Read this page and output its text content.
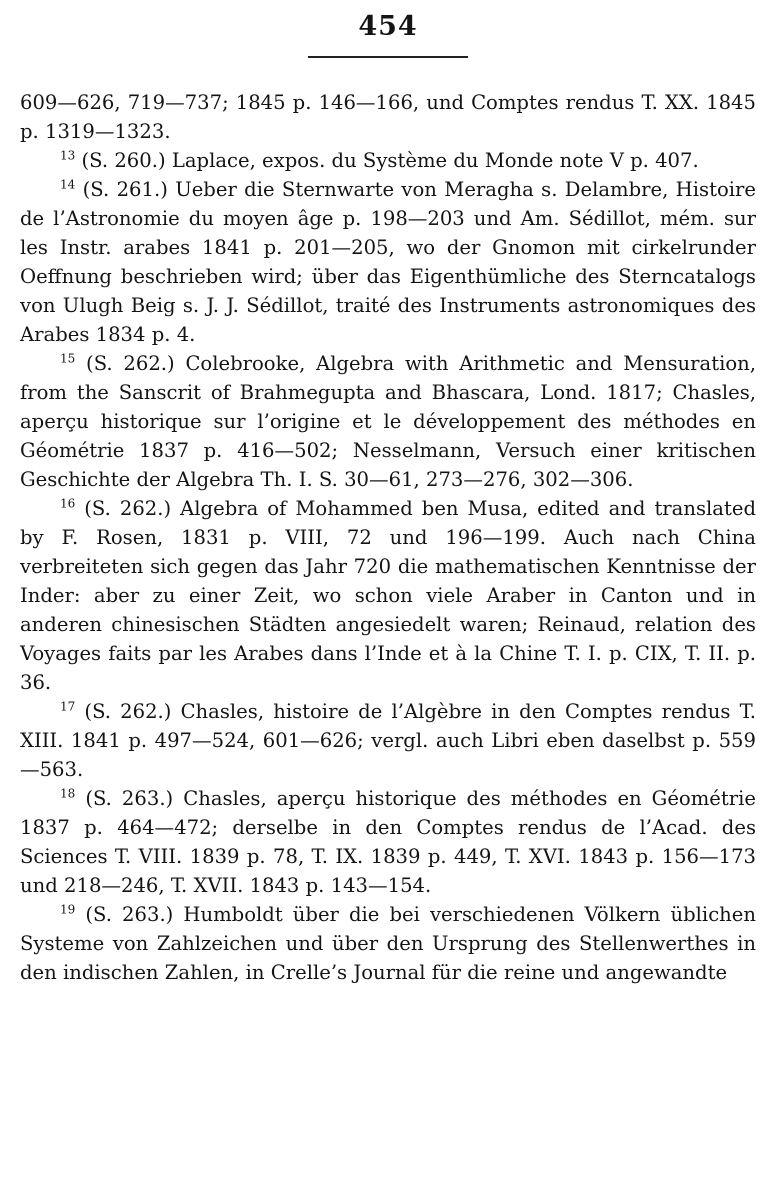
454

609—626, 719—737; 1845 p. 146—166, und Comptes rendus T. XX. 1845 p. 1319—1323.

$^{13}$ (S. 260.) Laplace, expos. du Système du Monde note V p. 407.

$^{14}$ (S. 261.) Ueber die Sternwarte von Meragha s. Delambre, Histoire de l’Astronomie du moyen âge p. 198—203 und Am. Sédillot, mém. sur les Instr. arabes 1841 p. 201—205, wo der Gnomon mit cirkelrunder Oeffnung beschrieben wird; über das Eigenthümliche des Sterncatalogs von Ulugh Beig s. J. J. Sédillot, traité des Instruments astronomiques des Arabes 1834 p. 4.

$^{15}$ (S. 262.) Colebrooke, Algebra with Arithmetic and Mensuration, from the Sanscrit of Brahmegupta and Bhascara, Lond. 1817; Chasles, aperçu historique sur l’origine et le développement des méthodes en Géométrie 1837 p. 416—502; Nesselmann, Versuch einer kritischen Geschichte der Algebra Th. I. S. 30—61, 273—276, 302—306.

$^{16}$ (S. 262.) Algebra of Mohammed ben Musa, edited and translated by F. Rosen, 1831 p. VIII, 72 und 196—199. Auch nach China verbreiteten sich gegen das Jahr 720 die mathematischen Kenntnisse der Inder: aber zu einer Zeit, wo schon viele Araber in Canton und in anderen chinesischen Städten angesiedelt waren; Reinaud, relation des Voyages faits par les Arabes dans l’Inde et à la Chine T. I. p. CIX, T. II. p. 36.

$^{17}$ (S. 262.) Chasles, histoire de l’Algèbre in den Comptes rendus T. XIII. 1841 p. 497—524, 601—626; vergl. auch Libri eben daselbst p. 559—563.

$^{18}$ (S. 263.) Chasles, aperçu historique des méthodes en Géométrie 1837 p. 464—472; derselbe in den Comptes rendus de l’Acad. des Sciences T. VIII. 1839 p. 78, T. IX. 1839 p. 449, T. XVI. 1843 p. 156—173 und 218—246, T. XVII. 1843 p. 143—154.

$^{19}$ (S. 263.) Humboldt über die bei verschiedenen Völkern üblichen Systeme von Zahlzeichen und über den Ursprung des Stellenwerthes in den indischen Zahlen, in Crelle’s Journal für die reine und angewandte
